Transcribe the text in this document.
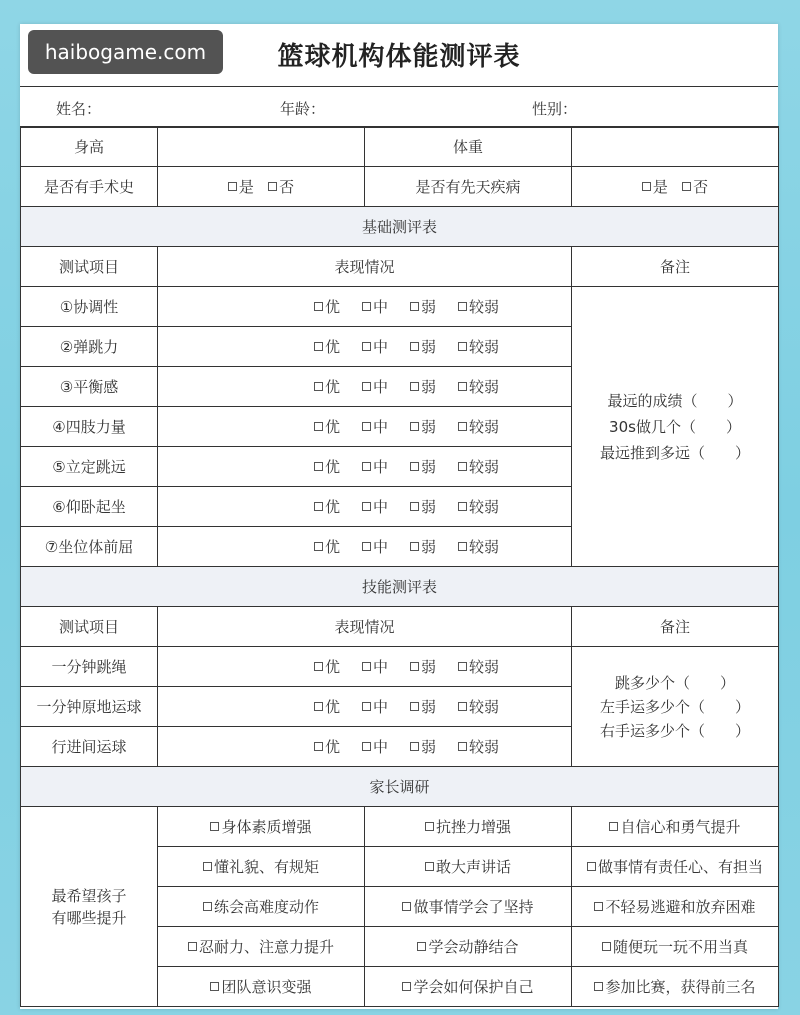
haibogame.com	篮球机构体能测评表
姓名：	年龄：	性别：
身高		体重	
是否有手术史	是 否	是否有先天疾病	是 否
基础测评表			
测试项目	表现情况		备注
①协调性	优 中 弱 较弱		最远的成绩（　　）
30s做几个（　　）
最远推到多远（　　）

②弹跳力	优 中 弱 较弱		

③平衡感	优 中 弱 较弱		

④四肢力量	优 中 弱 较弱		

⑤立定跳远	优 中 弱 较弱		

⑥仰卧起坐	优 中 弱 较弱		

⑦坐位体前屈	优 中 弱 较弱		

技能测评表			
测试项目	表现情况		备注
一分钟跳绳	优 中 弱 较弱		跳多少个（　　）
左手运多少个（　　）
右手运多少个（　　）

一分钟原地运球	优 中 弱 较弱		

行进间运球	优 中 弱 较弱		

家长调研			

最希望孩子
有哪些提升	身体素质增强	抗挫力增强	自信心和勇气提升
	懂礼貌、有规矩	敢大声讲话	做事情有责任心、有担当
	练会高难度动作	做事情学会了坚持	不轻易逃避和放弃困难
	忍耐力、注意力提升	学会动静结合	随便玩一玩不用当真
	团队意识变强	学会如何保护自己	参加比赛，获得前三名
